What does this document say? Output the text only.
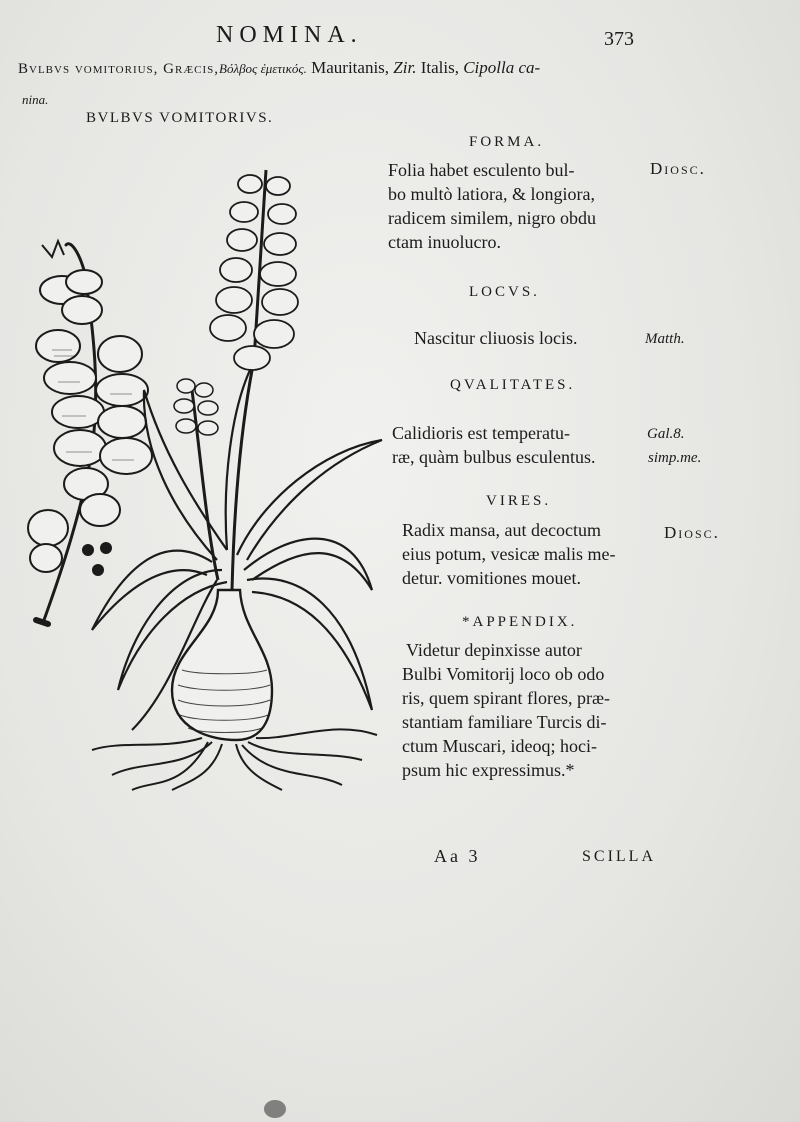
NOMINA.	373
Bvlbvs vomitorius, Græcis,Βόλβος ἐμετικός. Mauritanis, Zir. Italis, Cipolla ca-
nina.
BVLBVS VOMITORIVS.
FORMA.
Folia habet esculento bul-
bo multò latiora, & longiora,
radicem similem, nigro obdu
ctam inuolucro.
Diosc.
LOCVS.
Nascitur cliuosis locis.	Matth.
QVALITATES.
Calidioris est temperatu-
ræ, quàm bulbus esculentus.
Gal.8.
simp.me.
VIRES.
Radix mansa, aut decoctum
eius potum, vesicæ malis me-
detur. vomitiones mouet.
Diosc.
*APPENDIX.
Videtur depinxisse autor
Bulbi Vomitorij loco ob odo
ris, quem spirant flores, præ-
stantiam familiare Turcis di-
ctum Muscari, ideoq; hoci-
psum hic expressimus.*
Aa 3	SCILLA
